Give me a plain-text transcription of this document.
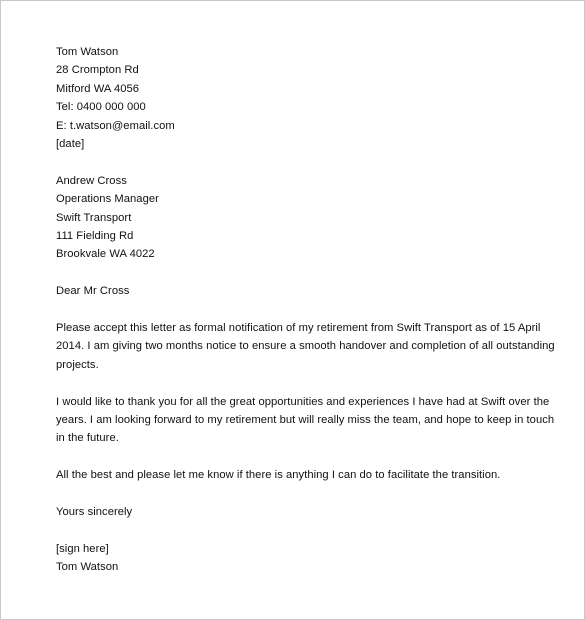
Tom Watson
28 Crompton Rd
Mitford WA 4056
Tel: 0400 000 000
E: t.watson@email.com
[date]
Andrew Cross
Operations Manager
Swift Transport
111 Fielding Rd
Brookvale WA 4022
Dear Mr Cross
Please accept this letter as formal notification of my retirement from Swift Transport as of 15 April
2014. I am giving two months notice to ensure a smooth handover and completion of all outstanding
projects.
I would like to thank you for all the great opportunities and experiences I have had at Swift over the
years. I am looking forward to my retirement but will really miss the team, and hope to keep in touch
in the future.
All the best and please let me know if there is anything I can do to facilitate the transition.
Yours sincerely
[sign here]
Tom Watson
